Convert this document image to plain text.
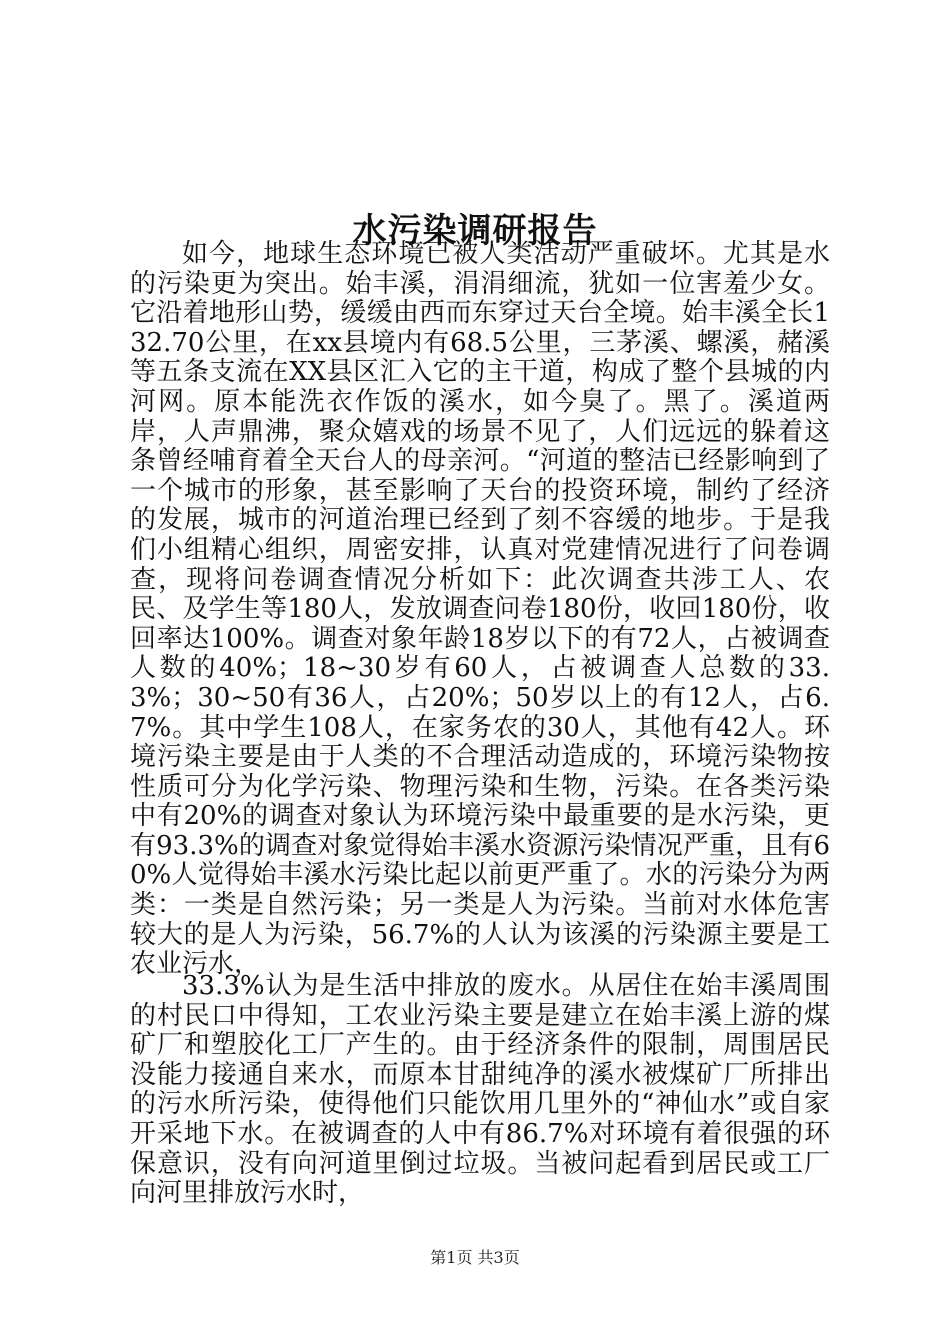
水污染调研报告

如今，地球生态环境已被人类活动严重破坏。尤其是水的污染更为突出。始丰溪，涓涓细流，犹如一位害羞少女。它沿着地形山势，缓缓由西而东穿过天台全境。始丰溪全长132.70公里，在xx县境内有68.5公里，三茅溪、螺溪，赭溪等五条支流在XX县区汇入它的主干道，构成了整个县城的内河网。原本能洗衣作饭的溪水，如今臭了。黑了。溪道两岸，人声鼎沸，聚众嬉戏的场景不见了，人们远远的躲着这条曾经哺育着全天台人的母亲河。“河道的整洁已经影响到了一个城市的形象，甚至影响了天台的投资环境，制约了经济的发展，城市的河道治理已经到了刻不容缓的地步。于是我们小组精心组织，周密安排，认真对党建情况进行了问卷调查，现将问卷调查情况分析如下：此次调查共涉工人、农民、及学生等180人，发放调查问卷180份，收回180份，收回率达100%。调查对象年龄18岁以下的有72人，占被调查人数的40%；18~30岁有60人，占被调查人总数的33.3%；30~50有36人，占20%；50岁以上的有12人，占6.7%。其中学生108人，在家务农的30人，其他有42人。环境污染主要是由于人类的不合理活动造成的，环境污染物按性质可分为化学污染、物理污染和生物，污染。在各类污染中有20%的调查对象认为环境污染中最重要的是水污染，更有93.3%的调查对象觉得始丰溪水资源污染情况严重，且有60%人觉得始丰溪水污染比起以前更严重了。水的污染分为两类：一类是自然污染；另一类是人为污染。当前对水体危害较大的是人为污染，56.7%的人认为该溪的污染源主要是工农业污水，

33.3%认为是生活中排放的废水。从居住在始丰溪周围的村民口中得知，工农业污染主要是建立在始丰溪上游的煤矿厂和塑胶化工厂产生的。由于经济条件的限制，周围居民没能力接通自来水，而原本甘甜纯净的溪水被煤矿厂所排出的污水所污染，使得他们只能饮用几里外的“神仙水”或自家开采地下水。在被调查的人中有86.7%对环境有着很强的环保意识，没有向河道里倒过垃圾。当被问起看到居民或工厂向河里排放污水时，

第1页 共3页
